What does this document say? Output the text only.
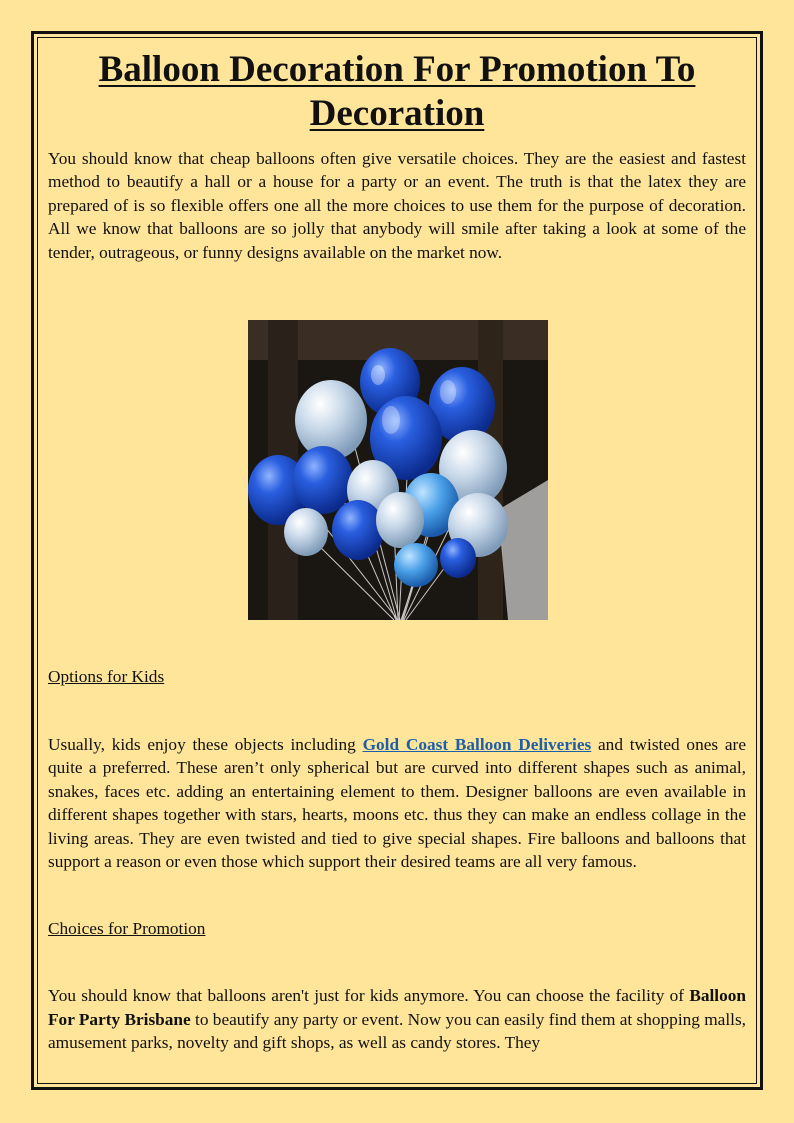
Balloon Decoration For Promotion To Decoration

You should know that cheap balloons often give versatile choices. They are the easiest and fastest method to beautify a hall or a house for a party or an event. The truth is that the latex they are prepared of is so flexible offers one all the more choices to use them for the purpose of decoration. All we know that balloons are so jolly that anybody will smile after taking a look at some of the tender, outrageous, or funny designs available on the market now.

Options for Kids

Usually, kids enjoy these objects including Gold Coast Balloon Deliveries and twisted ones are quite a preferred. These aren’t only spherical but are curved into different shapes such as animal, snakes, faces etc. adding an entertaining element to them. Designer balloons are even available in different shapes together with stars, hearts, moons etc. thus they can make an endless collage in the living areas. They are even twisted and tied to give special shapes. Fire balloons and balloons that support a reason or even those which support their desired teams are all very famous.

Choices for Promotion

You should know that balloons aren't just for kids anymore. You can choose the facility of Balloon For Party Brisbane to beautify any party or event. Now you can easily find them at shopping malls, amusement parks, novelty and gift shops, as well as candy stores. They
